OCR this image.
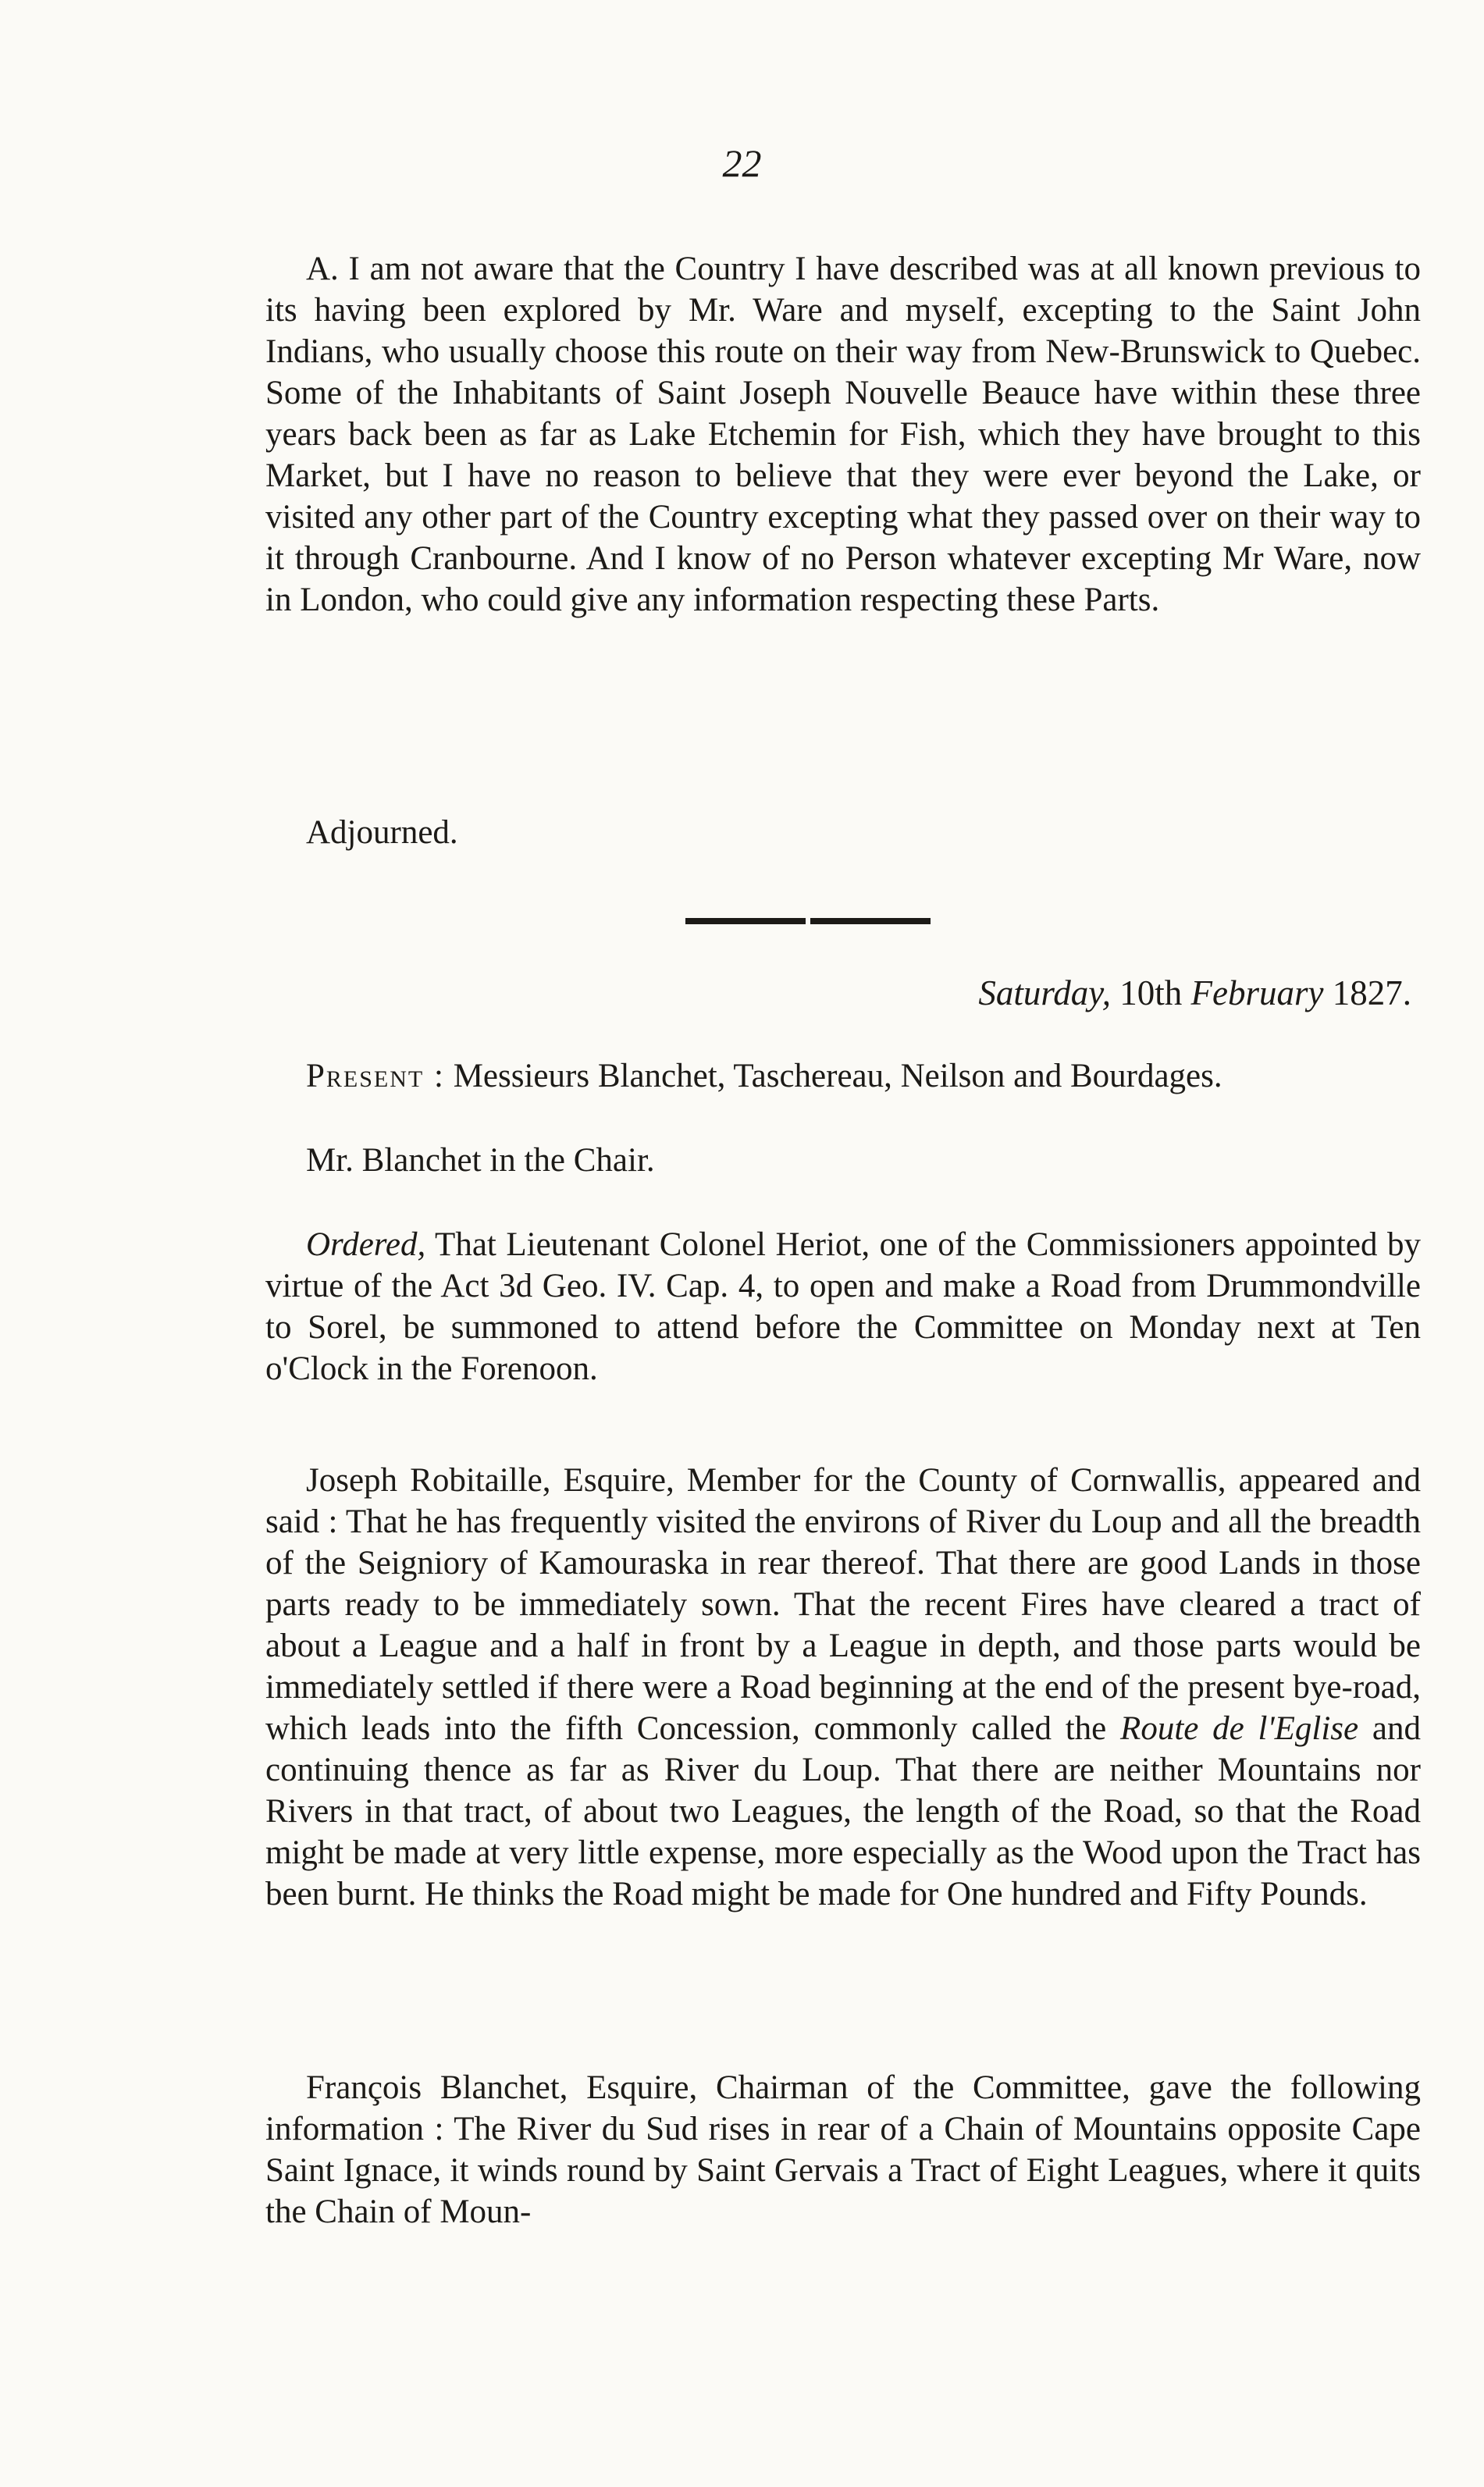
22

A. I am not aware that the Country I have described was at all known previous to its having been explored by Mr. Ware and myself, excepting to the Saint John Indians, who usually choose this route on their way from New-Brunswick to Quebec. Some of the Inhabitants of Saint Joseph Nouvelle Beauce have within these three years back been as far as Lake Etchemin for Fish, which they have brought to this Market, but I have no reason to believe that they were ever beyond the Lake, or visited any other part of the Country excepting what they passed over on their way to it through Cranbourne. And I know of no Person whatever excepting Mr Ware, now in London, who could give any information respecting these Parts.

Adjourned.

Saturday, 10th February 1827.

Present : Messieurs Blanchet, Taschereau, Neilson and Bourdages.

Mr. Blanchet in the Chair.

Ordered, That Lieutenant Colonel Heriot, one of the Commissioners appointed by virtue of the Act 3d Geo. IV. Cap. 4, to open and make a Road from Drummondville to Sorel, be summoned to attend before the Committee on Monday next at Ten o'Clock in the Forenoon.

Joseph Robitaille, Esquire, Member for the County of Cornwallis, appeared and said : That he has frequently visited the environs of River du Loup and all the breadth of the Seigniory of Kamouraska in rear thereof. That there are good Lands in those parts ready to be immediately sown. That the recent Fires have cleared a tract of about a League and a half in front by a League in depth, and those parts would be immediately settled if there were a Road beginning at the end of the present bye-road, which leads into the fifth Concession, commonly called the Route de l'Eglise and continuing thence as far as River du Loup. That there are neither Mountains nor Rivers in that tract, of about two Leagues, the length of the Road, so that the Road might be made at very little expense, more especially as the Wood upon the Tract has been burnt. He thinks the Road might be made for One hundred and Fifty Pounds.

François Blanchet, Esquire, Chairman of the Committee, gave the following information : The River du Sud rises in rear of a Chain of Mountains opposite Cape Saint Ignace, it winds round by Saint Gervais a Tract of Eight Leagues, where it quits the Chain of Moun-
